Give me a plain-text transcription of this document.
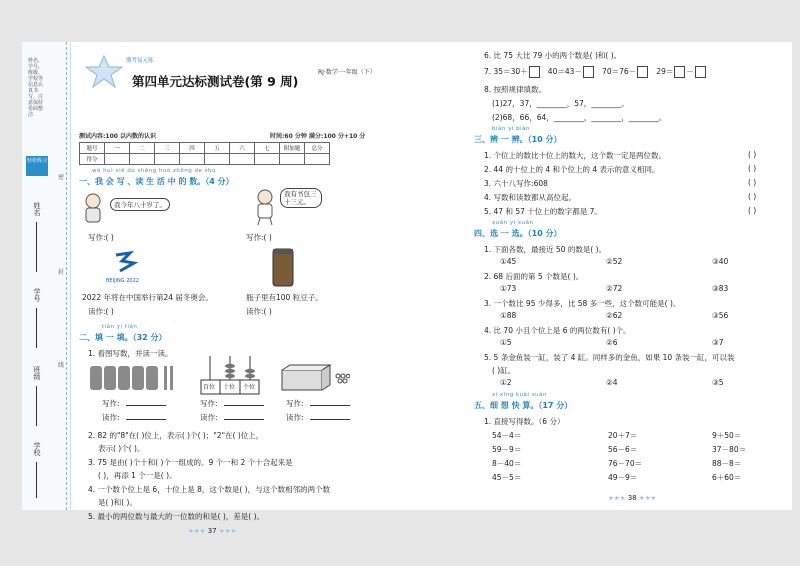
姓名、学号、班级、学校等信息认真书写，注意保持卷面整洁
轻松练习
姓名
学号
班级
学校
密
封
线
期考易元练
RJ·数学·一年级（下）
第四单元达标测试卷(第 9 周)
测试内容:100 以内数的认识	时间:60 分钟 满分:100 分+10 分
题号	一	二	三	四	五	六	七	附加题	总分
得分									
wǒ huì xiě dú shēng huó zhōng de shù
一、我 会 写 、读 生 活 中 的 数。（4 分）
我今年八十岁了。
我有书包三十三元。
写作:( )	写作:( )
BEIJING 2022
2022 年将在中国举行第24 届冬奥会。	瓶子里有100 粒豆子。
读作:( )	读作:( )
tián yi tián
二、填 一 填。（32 分）
1. 看图写数，并读一读。
百位 十位 个位
写作:
读作:
写作:
读作:
写作:
读作:
2. 82 的"8"在( )位上，表示( )个( )；"2"在( )位上，
表示( )个( )。
3. 75 是由( )个十和( )个一组成的。9 个一和 2 个十合起来是
( )，再添 1 个一是( )。
4. 一个数个位上是 6，十位上是 8，这个数是( )，与这个数相邻的两个数
是( )和( )。
6. 比 75 大比 79 小的两个数是( )和( )。
7. 35＝30＋	40＝43－	70＝76－	29＝ －
8. 按照规律填数。
(1)27，37，________，57，________。
(2)68，66，64，________，________，________。
biàn yi biàn
三、辨 一 辨。（10 分）
1. 个位上的数比十位上的数大，这个数一定是两位数。
2. 44 的十位上的 4 和个位上的 4 表示的意义相同。
3. 六十八写作:608
4. 写数和读数都从高位起。
5. 47 和 57 十位上的数字都是 7。
( )
( )
( )
( )
( )
xuǎn yi xuǎn
四、选 一 选。（10 分）
1. 下面各数，最接近 50 的数是( )。
①45	②52	③40
2. 68 后面的第 5 个数是( )。
①73	②72	③83
3. 一个数比 95 少得多，比 58 多一些，这个数可能是( )。
①88	②62	③56
4. 比 70 小且个位上是 6 的两位数有( )个。
①5	②6	③7
5. 5 条金鱼装一缸，装了 4 缸。同样多的金鱼，如果 10 条装一缸，可以装
( )缸。
①2	②4	③5
xì xīng kuài suàn
五、细 想 快 算。（17 分）
1. 直接写得数。（6 分）
54－4＝	20＋7＝	9＋50＝
59－9＝	56－6＝	37－80＝
8－40＝	76－70＝	88－8＝
45－5＝	49－9＝	6＋60＝
★★★ 38 ★★★
5. 最小的两位数与最大的一位数的和是( )，差是( )。
★★★ 37 ★★★
